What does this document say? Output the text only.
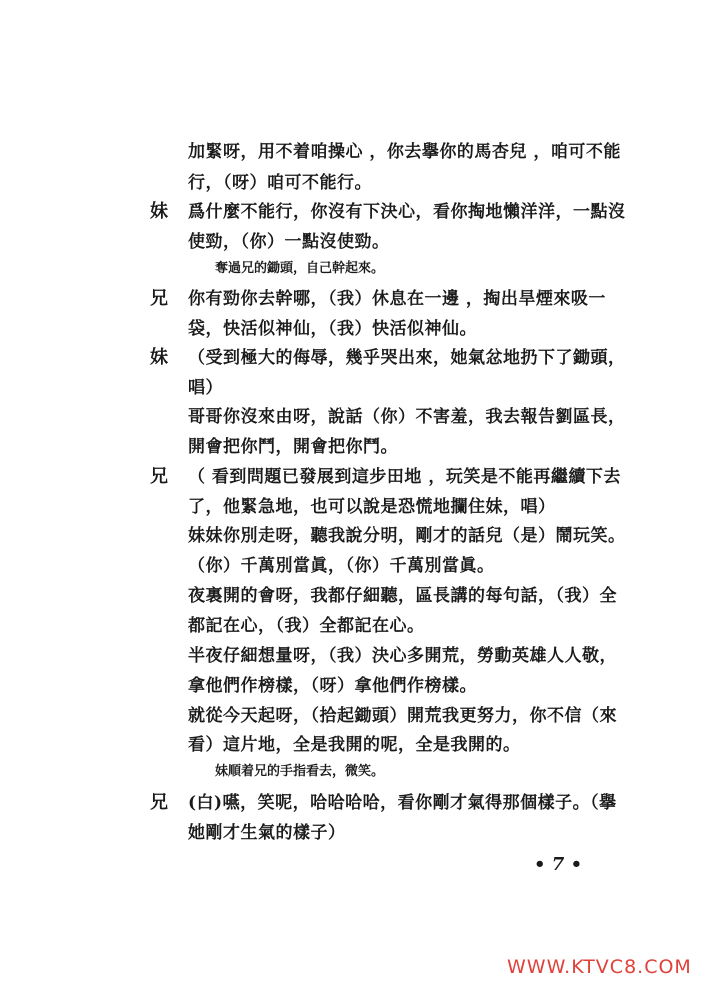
加緊呀，用不着咱操心 ，你去擧你的馬杏兒 ，咱可不能
行，（呀）咱可不能行。
妹 爲什麼不能行，你沒有下決心，看你掏地懶洋洋，一點沒
使勁，（你）一點沒使勁。
奪過兄的鋤頭，自己幹起來。
兄 你有勁你去幹哪，（我）休息在一邊 ，掏出旱煙來吸一
袋，快活似神仙，（我）快活似神仙。
妹 （受到極大的侮辱，幾乎哭出來，她氣忿地扔下了鋤頭，
唱）
哥哥你沒來由呀，說話（你）不害羞，我去報告劉區長，
開會把你鬥，開會把你鬥。
兄 （ 看到問題已發展到這步田地 ，玩笑是不能再繼續下去
了，他緊急地，也可以說是恐慌地攔住妹，唱）
妹妹你別走呀，聽我說分明，剛才的話兒（是）鬧玩笑。
（你）千萬別當眞，（你）千萬別當眞。
夜裏開的會呀，我都仔細聽，區長講的每句話，（我）全
都記在心，（我）全都記在心。
半夜仔細想量呀，（我）決心多開荒，勞動英雄人人敬，
拿他們作榜樣，（呀）拿他們作榜樣。
就從今天起呀，（拾起鋤頭）開荒我更努力，你不信（來
看）這片地，全是我開的呢，全是我開的。
妹順着兄的手指看去，微笑。
兄 (白)嚥，笑呢，哈哈哈哈，看你剛才氣得那個樣子。（擧
她剛才生氣的樣子）
• 7 •
WWW.KTVC8.COM
